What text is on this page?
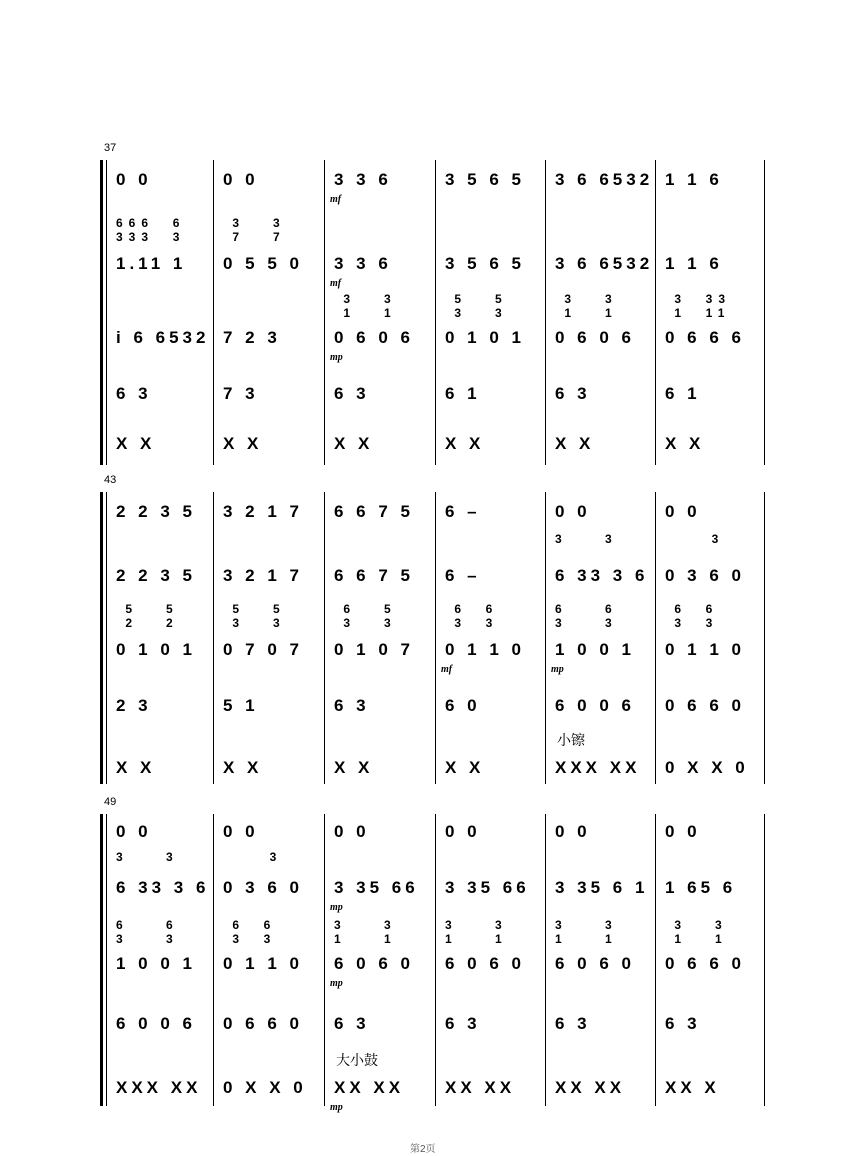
37
0 0
666  6
333  3
1.11 1
i 6 6532
6 3
X X
0 0
3   3
7   7
0 5 5 0
7 2 3
7 3
X X
3 3 6
3 3 6
3   3
1   1
0 6 0 6
6 3
X X
mf
mf
mp
3 5 6 5
3 5 6 5
5   5
3   3
0 1 0 1
6 1
X X
3 6 6532
3 6 6532
3   3
1   1
0 6 0 6
6 3
X X
1 1 6
1 1 6
3  33
1  11
0 6 6 6
6 1
X X
43
2 2 3 5
2 2 3 5
5   5
2   2
0 1 0 1
2 3
X X
3 2 1 7
3 2 1 7
5   5
3   3
0 7 0 7
5 1
X X
6 6 7 5
6 6 7 5
6   5
3   3
0 1 0 7
6 3
X X
6 –
6 –
6  6
3  3
0 1 1 0
6 0
X X
mf
0 0
3    3
6 33 3 6
6    6
3    3
1 0 0 1
6 0 0 6
XXX XX
mp
小镲
0 0
3
0 3 6 0
6  6
3  3
0 1 1 0
0 6 6 0
0 X X 0
49
0 0
3    3
6 33 3 6
6    6
3    3
1 0 0 1
6 0 0 6
XXX XX
0 0
3
0 3 6 0
6  6
3  3
0 1 1 0
0 6 6 0
0 X X 0
0 0
3 35 66
3    3
1    1
6 0 6 0
6 3
XX XX
mp
mp
mp
大小鼓
0 0
3 35 66
3    3
1    1
6 0 6 0
6 3
XX XX
0 0
3 35 6 1
3    3
1    1
6 0 6 0
6 3
XX XX
0 0
1 65 6
3   3
1   1
0 6 6 0
6 3
XX X
第2页
